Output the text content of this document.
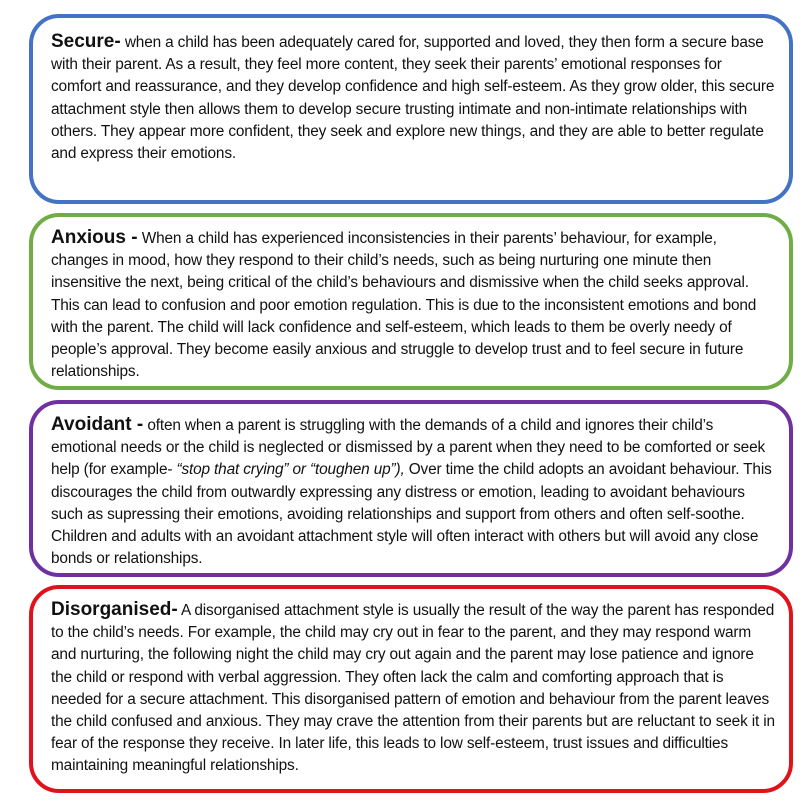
Secure- when a child has been adequately cared for, supported and loved, they then form a secure base with their parent. As a result, they feel more content, they seek their parents’ emotional responses for comfort and reassurance, and they develop confidence and high self-esteem. As they grow older, this secure attachment style then allows them to develop secure trusting intimate and non-intimate relationships with others. They appear more confident, they seek and explore new things, and they are able to better regulate and express their emotions.

Anxious - When a child has experienced inconsistencies in their parents’ behaviour, for example, changes in mood, how they respond to their child’s needs, such as being nurturing one minute then insensitive the next, being critical of the child’s behaviours and dismissive when the child seeks approval. This can lead to confusion and poor emotion regulation. This is due to the inconsistent emotions and bond with the parent. The child will lack confidence and self-esteem, which leads to them be overly needy of people’s approval. They become easily anxious and struggle to develop trust and to feel secure in future relationships.

Avoidant - often when a parent is struggling with the demands of a child and ignores their child’s emotional needs or the child is neglected or dismissed by a parent when they need to be comforted or seek help (for example- “stop that crying” or “toughen up”), Over time the child adopts an avoidant behaviour. This discourages the child from outwardly expressing any distress or emotion, leading to avoidant behaviours such as supressing their emotions, avoiding relationships and support from others and often self-soothe. Children and adults with an avoidant attachment style will often interact with others but will avoid any close bonds or relationships.

Disorganised- A disorganised attachment style is usually the result of the way the parent has responded to the child’s needs. For example, the child may cry out in fear to the parent, and they may respond warm and nurturing, the following night the child may cry out again and the parent may lose patience and ignore the child or respond with verbal aggression. They often lack the calm and comforting approach that is needed for a secure attachment. This disorganised pattern of emotion and behaviour from the parent leaves the child confused and anxious. They may crave the attention from their parents but are reluctant to seek it in fear of the response they receive. In later life, this leads to low self-esteem, trust issues and difficulties maintaining meaningful relationships.
